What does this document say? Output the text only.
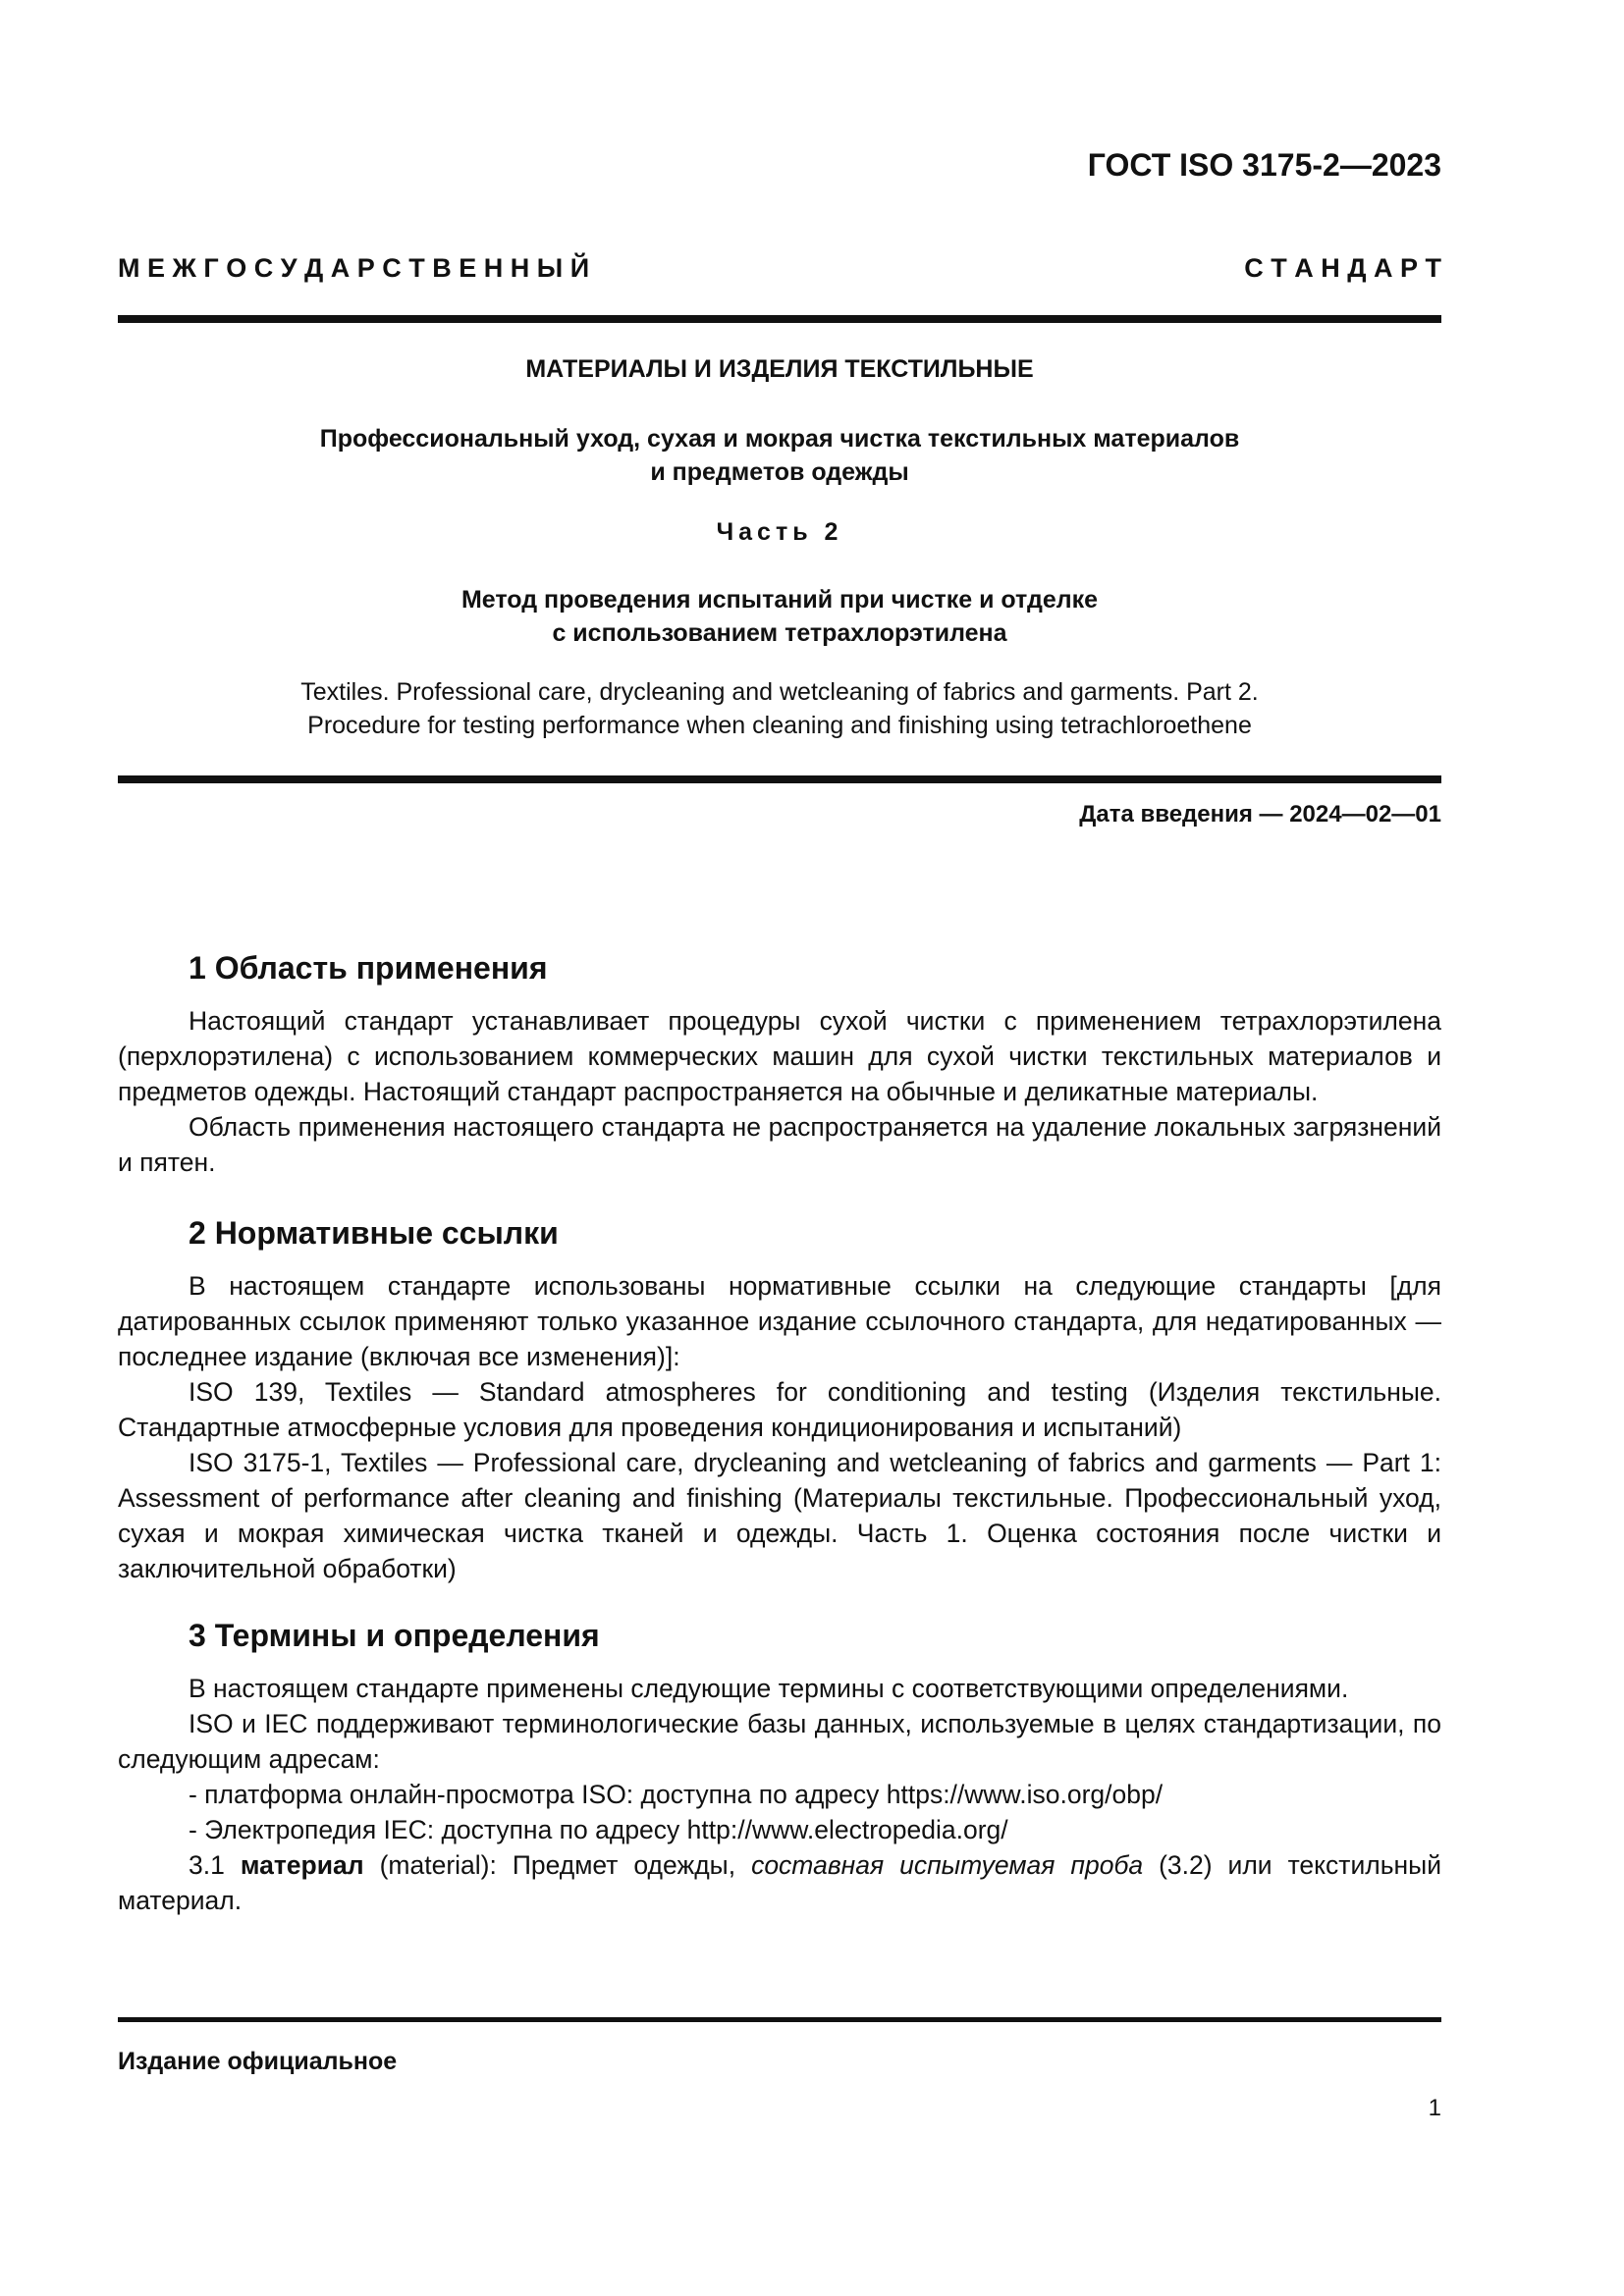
ГОСТ ISO 3175-2—2023
М Е Ж Г О С У Д А Р С Т В Е Н Н Ы Й	С Т А Н Д А Р Т
МАТЕРИАЛЫ И ИЗДЕЛИЯ ТЕКСТИЛЬНЫЕ
Профессиональный уход, сухая и мокрая чистка текстильных материалов
и предметов одежды
Часть 2
Метод проведения испытаний при чистке и отделке
с использованием тетрахлорэтилена
Textiles. Professional care, drycleaning and wetcleaning of fabrics and garments. Part 2.
Procedure for testing performance when cleaning and finishing using tetrachloroethene
Дата введения — 2024—02—01
1 Область применения

Настоящий стандарт устанавливает процедуры сухой чистки с применением тетрахлорэтилена (перхлорэтилена) с использованием коммерческих машин для сухой чистки текстильных материалов и предметов одежды. Настоящий стандарт распространяется на обычные и деликатные материалы.

Область применения настоящего стандарта не распространяется на удаление локальных загрязнений и пятен.

2 Нормативные ссылки

В настоящем стандарте использованы нормативные ссылки на следующие стандарты [для датированных ссылок применяют только указанное издание ссылочного стандарта, для недатированных — последнее издание (включая все изменения)]:

ISO 139, Textiles — Standard atmospheres for conditioning and testing (Изделия текстильные. Стандартные атмосферные условия для проведения кондиционирования и испытаний)

ISO 3175-1, Textiles — Professional care, drycleaning and wetcleaning of fabrics and garments — Part 1: Assessment of performance after cleaning and finishing (Материалы текстильные. Профессиональный уход, сухая и мокрая химическая чистка тканей и одежды. Часть 1. Оценка состояния после чистки и заключительной обработки)

3 Термины и определения

В настоящем стандарте применены следующие термины с соответствующими определениями.

ISO и IEC поддерживают терминологические базы данных, используемые в целях стандартизации, по следующим адресам:

- платформа онлайн-просмотра ISO: доступна по адресу https://www.iso.org/obp/

- Электропедия IEC: доступна по адресу http://www.electropedia.org/

3.1 материал (material): Предмет одежды, составная испытуемая проба (3.2) или текстильный материал.

Издание официальное
1
